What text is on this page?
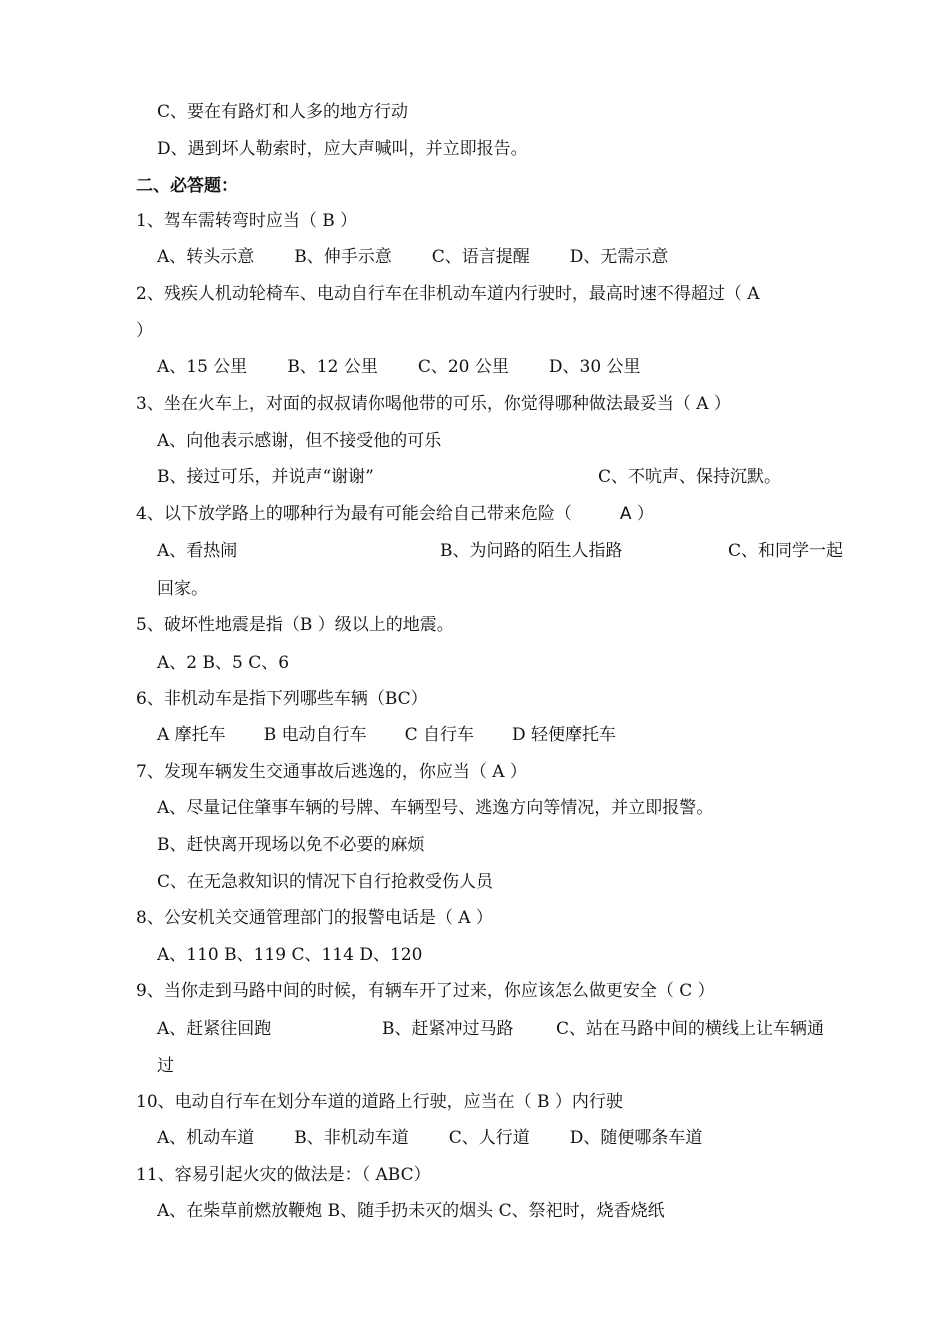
C、要在有路灯和人多的地方行动
D、遇到坏人勒索时，应大声喊叫，并立即报告。
二、必答题：
1、驾车需转弯时应当（ B ）
A、转头示意 B、伸手示意 C、语言提醒 D、无需示意
2、残疾人机动轮椅车、电动自行车在非机动车道内行驶时，最高时速不得超过（ A
）
A、15 公里 B、12 公里 C、20 公里 D、30 公里
3、坐在火车上，对面的叔叔请你喝他带的可乐，你觉得哪种做法最妥当（ A ）
A、向他表示感谢，但不接受他的可乐
B、接过可乐，并说声“谢谢”	C、不吭声、保持沉默。
4、以下放学路上的哪种行为最有可能会给自己带来危险（	A ）
A、看热闹	B、为问路的陌生人指路	C、和同学一起
回家。
5、破坏性地震是指（B ）级以上的地震。
A、2 B、5 C、6
6、非机动车是指下列哪些车辆（BC）
A 摩托车 B 电动自行车 C 自行车 D 轻便摩托车
7、发现车辆发生交通事故后逃逸的，你应当（ A ）
A、尽量记住肇事车辆的号牌、车辆型号、逃逸方向等情况，并立即报警。
B、赶快离开现场以免不必要的麻烦
C、在无急救知识的情况下自行抢救受伤人员
8、公安机关交通管理部门的报警电话是（ A ）
A、110 B、119 C、114 D、120
9、当你走到马路中间的时候，有辆车开了过来，你应该怎么做更安全（ C ）
A、赶紧往回跑	B、赶紧冲过马路	C、站在马路中间的横线上让车辆通
过
10、电动自行车在划分车道的道路上行驶，应当在（ B ）内行驶
A、机动车道 B、非机动车道 C、人行道 D、随便哪条车道
11、容易引起火灾的做法是：（ ABC）
A、在柴草前燃放鞭炮 B、随手扔未灭的烟头 C、祭祀时，烧香烧纸
